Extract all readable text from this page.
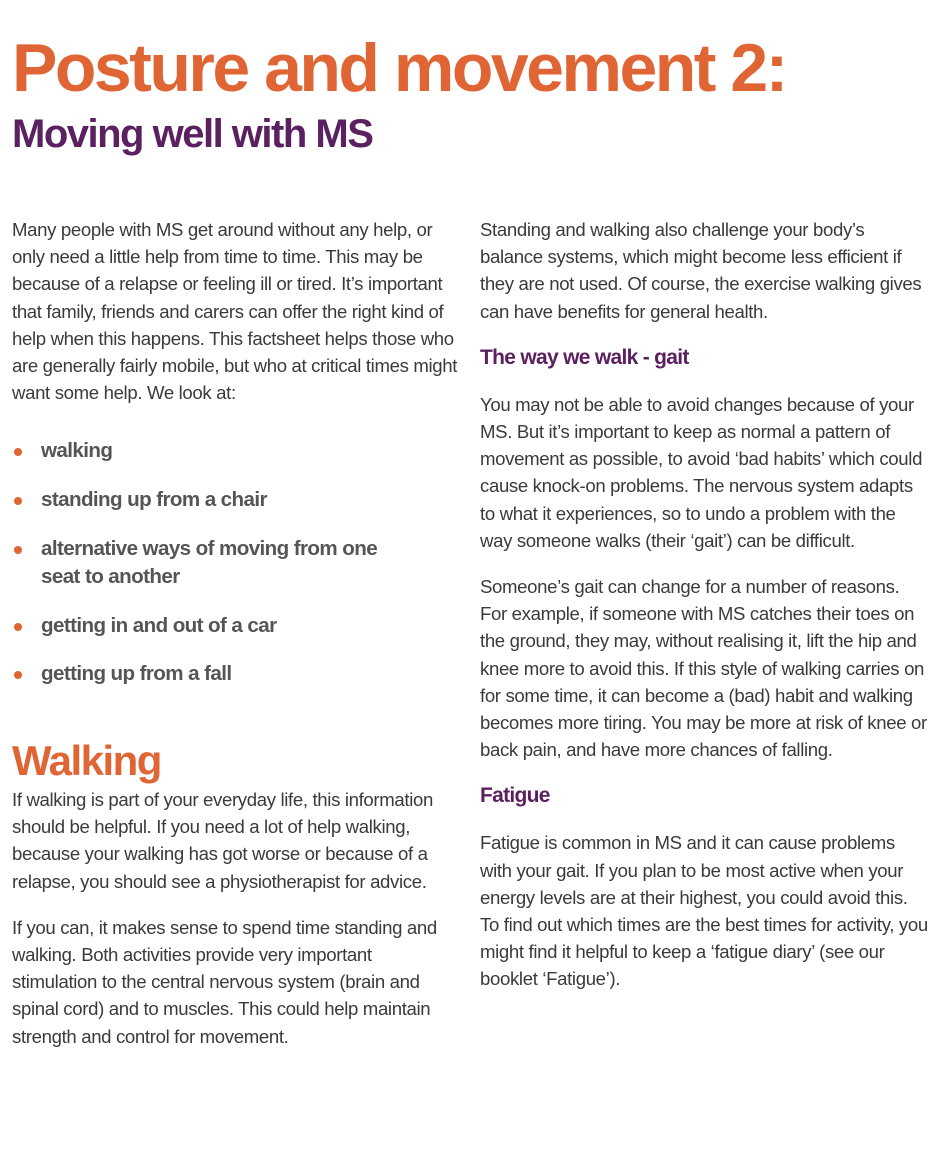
Posture and movement 2:
Moving well with MS

Many people with MS get around without any help, or only need a little help from time to time. This may be because of a relapse or feeling ill or tired. It’s important that family, friends and carers can offer the right kind of help when this happens. This factsheet helps those who are generally fairly mobile, but who at critical times might want some help. We look at:

walking
standing up from a chair
alternative ways of moving from one seat to another
getting in and out of a car
getting up from a fall
Walking

If walking is part of your everyday life, this information should be helpful. If you need a lot of help walking, because your walking has got worse or because of a relapse, you should see a physiotherapist for advice.

If you can, it makes sense to spend time standing and walking. Both activities provide very important stimulation to the central nervous system (brain and spinal cord) and to muscles. This could help maintain strength and control for movement.

Standing and walking also challenge your body’s balance systems, which might become less efficient if they are not used. Of course, the exercise walking gives can have benefits for general health.

The way we walk - gait

You may not be able to avoid changes because of your MS. But it’s important to keep as normal a pattern of movement as possible, to avoid ‘bad habits’ which could cause knock-on problems. The nervous system adapts to what it experiences, so to undo a problem with the way someone walks (their ‘gait’) can be difficult.

Someone’s gait can change for a number of reasons. For example, if someone with MS catches their toes on the ground, they may, without realising it, lift the hip and knee more to avoid this. If this style of walking carries on for some time, it can become a (bad) habit and walking becomes more tiring. You may be more at risk of knee or back pain, and have more chances of falling.

Fatigue

Fatigue is common in MS and it can cause problems with your gait. If you plan to be most active when your energy levels are at their highest, you could avoid this. To find out which times are the best times for activity, you might find it helpful to keep a ‘fatigue diary’ (see our booklet ‘Fatigue’).
